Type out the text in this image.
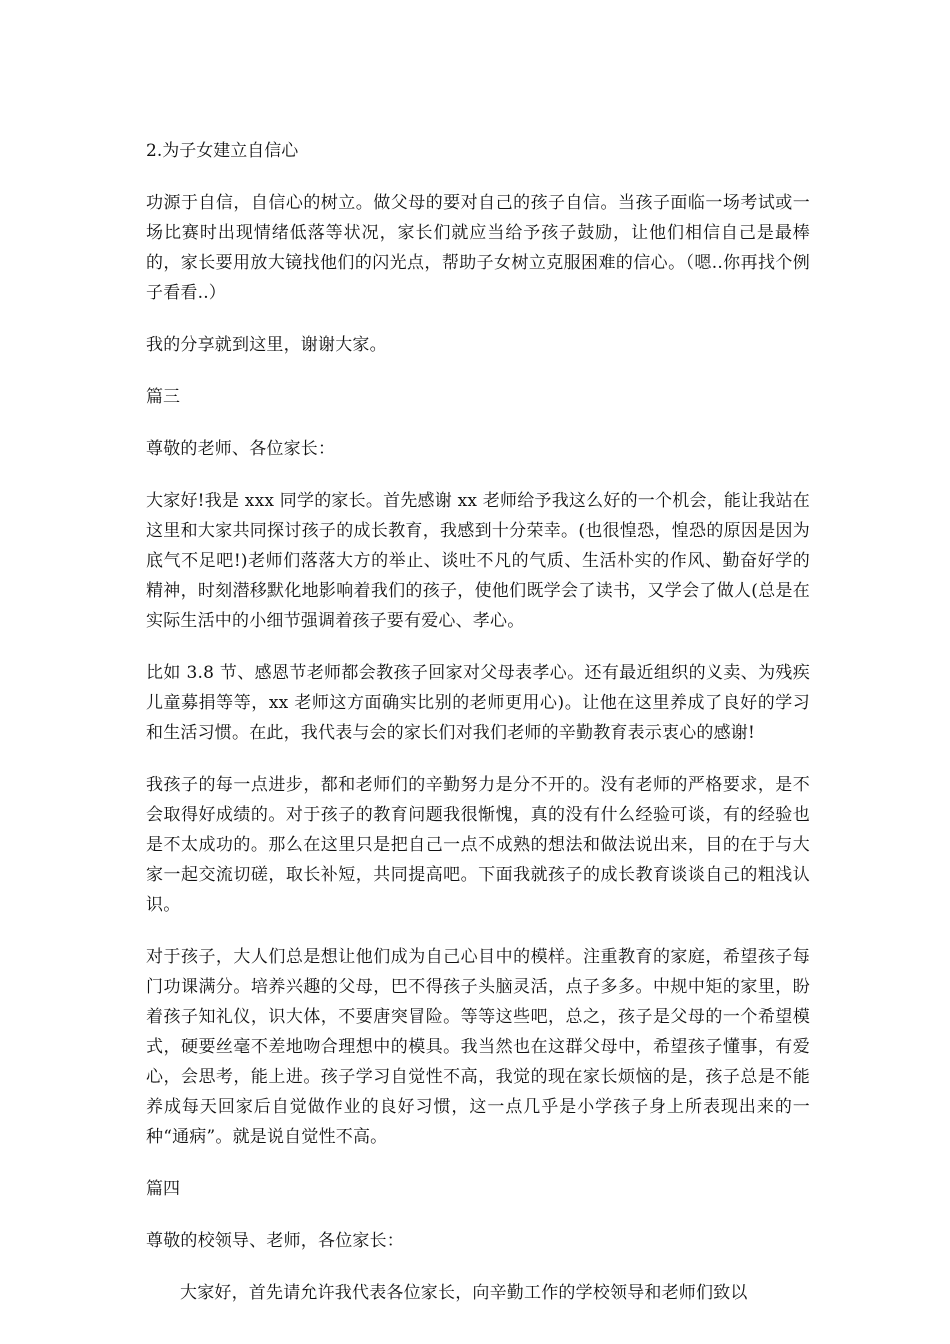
2.为子女建立自信心
功源于自信，自信心的树立。做父母的要对自己的孩子自信。当孩子面临一场考试或一场比赛时出现情绪低落等状况，家长们就应当给予孩子鼓励，让他们相信自己是最棒的，家长要用放大镜找他们的闪光点，帮助子女树立克服困难的信心。（嗯..你再找个例子看看..）
我的分享就到这里，谢谢大家。
篇三
尊敬的老师、各位家长：
大家好!我是 xxx 同学的家长。首先感谢 xx 老师给予我这么好的一个机会，能让我站在这里和大家共同探讨孩子的成长教育，我感到十分荣幸。(也很惶恐，惶恐的原因是因为底气不足吧!)老师们落落大方的举止、谈吐不凡的气质、生活朴实的作风、勤奋好学的精神，时刻潜移默化地影响着我们的孩子，使他们既学会了读书，又学会了做人(总是在实际生活中的小细节强调着孩子要有爱心、孝心。
比如 3.8 节、感恩节老师都会教孩子回家对父母表孝心。还有最近组织的义卖、为残疾儿童募捐等等，xx 老师这方面确实比别的老师更用心)。让他在这里养成了良好的学习和生活习惯。在此，我代表与会的家长们对我们老师的辛勤教育表示衷心的感谢!
我孩子的每一点进步，都和老师们的辛勤努力是分不开的。没有老师的严格要求，是不会取得好成绩的。对于孩子的教育问题我很惭愧，真的没有什么经验可谈，有的经验也是不太成功的。那么在这里只是把自己一点不成熟的想法和做法说出来，目的在于与大家一起交流切磋，取长补短，共同提高吧。下面我就孩子的成长教育谈谈自己的粗浅认识。
对于孩子，大人们总是想让他们成为自己心目中的模样。注重教育的家庭，希望孩子每门功课满分。培养兴趣的父母，巴不得孩子头脑灵活，点子多多。中规中矩的家里，盼着孩子知礼仪，识大体，不要唐突冒险。等等这些吧，总之，孩子是父母的一个希望模式，硬要丝毫不差地吻合理想中的模具。我当然也在这群父母中，希望孩子懂事，有爱心，会思考，能上进。孩子学习自觉性不高，我觉的现在家长烦恼的是，孩子总是不能养成每天回家后自觉做作业的良好习惯，这一点几乎是小学孩子身上所表现出来的一种“通病”。就是说自觉性不高。
篇四
尊敬的校领导、老师，各位家长：
大家好，首先请允许我代表各位家长，向辛勤工作的学校领导和老师们致以
